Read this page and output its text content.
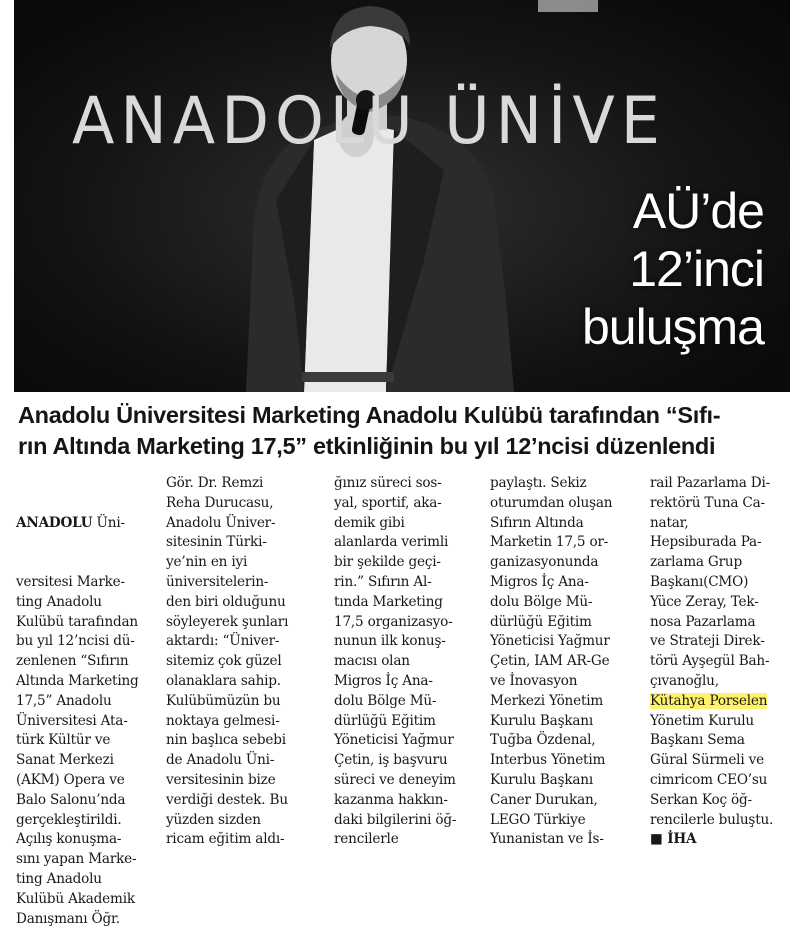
ANADOLU ÜNİVE
AÜ’de
12’inci
buluşma
Anadolu Üniversitesi Marketing Anadolu Kulübü tarafından “Sıfı-
rın Altında Marketing 17,5” etkinliğinin bu yıl 12’ncisi düzenlendi

ANADOLU Üni-

versitesi Marke-
ting Anadolu
Kulübü tarafından
bu yıl 12’ncisi dü-
zenlenen “Sıfırın
Altında Marketing
17,5” Anadolu
Üniversitesi Ata-
türk Kültür ve
Sanat Merkezi
(AKM) Opera ve
Balo Salonu’nda
gerçekleştirildi.
Açılış konuşma-
sını yapan Marke-
ting Anadolu
Kulübü Akademik
Danışmanı Öğr.
Gör. Dr. Remzi
Reha Durucasu,
Anadolu Üniver-
sitesinin Türki-
ye’nin en iyi
üniversitelerin-
den biri olduğunu
söyleyerek şunları
aktardı: “Üniver-
sitemiz çok güzel
olanaklara sahip.
Kulübümüzün bu
noktaya gelmesi-
nin başlıca sebebi
de Anadolu Üni-
versitesinin bize
verdiği destek. Bu
yüzden sizden
ricam eğitim aldı-
ğınız süreci sos-
yal, sportif, aka-
demik gibi
alanlarda verimli
bir şekilde geçi-
rin.” Sıfırın Al-
tında Marketing
17,5 organizasyo-
nunun ilk konuş-
macısı olan
Migros İç Ana-
dolu Bölge Mü-
dürlüğü Eğitim
Yöneticisi Yağmur
Çetin, iş başvuru
süreci ve deneyim
kazanma hakkın-
daki bilgilerini öğ-
rencilerle
paylaştı. Sekiz
oturumdan oluşan
Sıfırın Altında
Marketin 17,5 or-
ganizasyonunda
Migros İç Ana-
dolu Bölge Mü-
dürlüğü Eğitim
Yöneticisi Yağmur
Çetin, IAM AR-Ge
ve İnovasyon
Merkezi Yönetim
Kurulu Başkanı
Tuğba Özdenal,
Interbus Yönetim
Kurulu Başkanı
Caner Durukan,
LEGO Türkiye
Yunanistan ve İs-
rail Pazarlama Di-
rektörü Tuna Ca-
natar,
Hepsiburada Pa-
zarlama Grup
Başkanı(CMO)
Yüce Zeray, Tek-
nosa Pazarlama
ve Strateji Direk-
törü Ayşegül Bah-
çıvanoğlu,
Kütahya Porselen
Yönetim Kurulu
Başkanı Sema
Güral Sürmeli ve
cimricom CEO’su
Serkan Koç öğ-
rencilerle buluştu.
■ İHA
